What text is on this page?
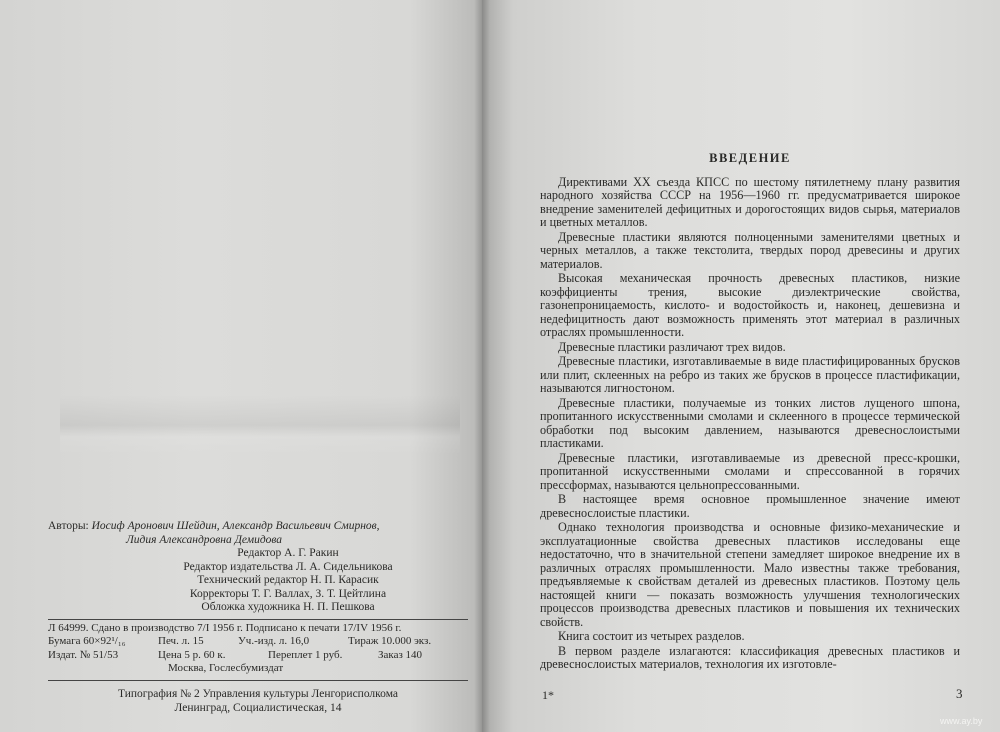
Авторы: Иосиф Аронович Шейдин, Александр Васильевич Смирнов,

Лидия Александровна Демидова

Редактор А. Г. Ракин

Редактор издательства Л. А. Сидельникова

Технический редактор Н. П. Карасик

Корректоры Т. Г. Валлах, З. Т. Цейтлина

Обложка художника Н. П. Пешкова

Л 64999. Сдано в производство 7/I 1956 г. Подписано к печати 17/IV 1956 г.

Бумага 60×92¹/₁₆	Печ. л. 15	Уч.-изд. л. 16,0	Тираж 10.000 экз.

Издат. № 51/53	Цена 5 р. 60 к.	Переплет 1 руб.	Заказ 140

Москва, Гослесбумиздат

Типография № 2 Управления культуры Ленгорисполкома
Ленинград, Социалистическая, 14

ВВЕДЕНИЕ

Директивами XX съезда КПСС по шестому пятилетнему плану развития народного хозяйства СССР на 1956—1960 гг. предусматривается широкое внедрение заменителей дефицитных и дорогостоящих видов сырья, материалов и цветных металлов.

Древесные пластики являются полноценными заменителями цветных и черных металлов, а также текстолита, твердых пород древесины и других материалов.

Высокая механическая прочность древесных пластиков, низкие коэффициенты трения, высокие диэлектрические свойства, газонепроницаемость, кислото- и водостойкость и, наконец, дешевизна и недефицитность дают возможность применять этот материал в различных отраслях промышленности.

Древесные пластики различают трех видов.

Древесные пластики, изготавливаемые в виде пластифицированных брусков или плит, склеенных на ребро из таких же брусков в процессе пластификации, называются лигностоном.

Древесные пластики, получаемые из тонких листов лущеного шпона, пропитанного искусственными смолами и склеенного в процессе термической обработки под высоким давлением, называются древеснослоистыми пластиками.

Древесные пластики, изготавливаемые из древесной пресс-крошки, пропитанной искусственными смолами и спрессованной в горячих прессформах, называются цельнопрессованными.

В настоящее время основное промышленное значение имеют древеснослоистые пластики.

Однако технология производства и основные физико-механические и эксплуатационные свойства древесных пластиков исследованы еще недостаточно, что в значительной степени замедляет широкое внедрение их в различных отраслях промышленности. Мало известны также требования, предъявляемые к свойствам деталей из древесных пластиков. Поэтому цель настоящей книги — показать возможность улучшения технологических процессов производства древесных пластиков и повышения их технических свойств.

Книга состоит из четырех разделов.

В первом разделе излагаются: классификация древесных пластиков и древеснослоистых материалов, технология их изготовле-

1*	3
www.ay.by
